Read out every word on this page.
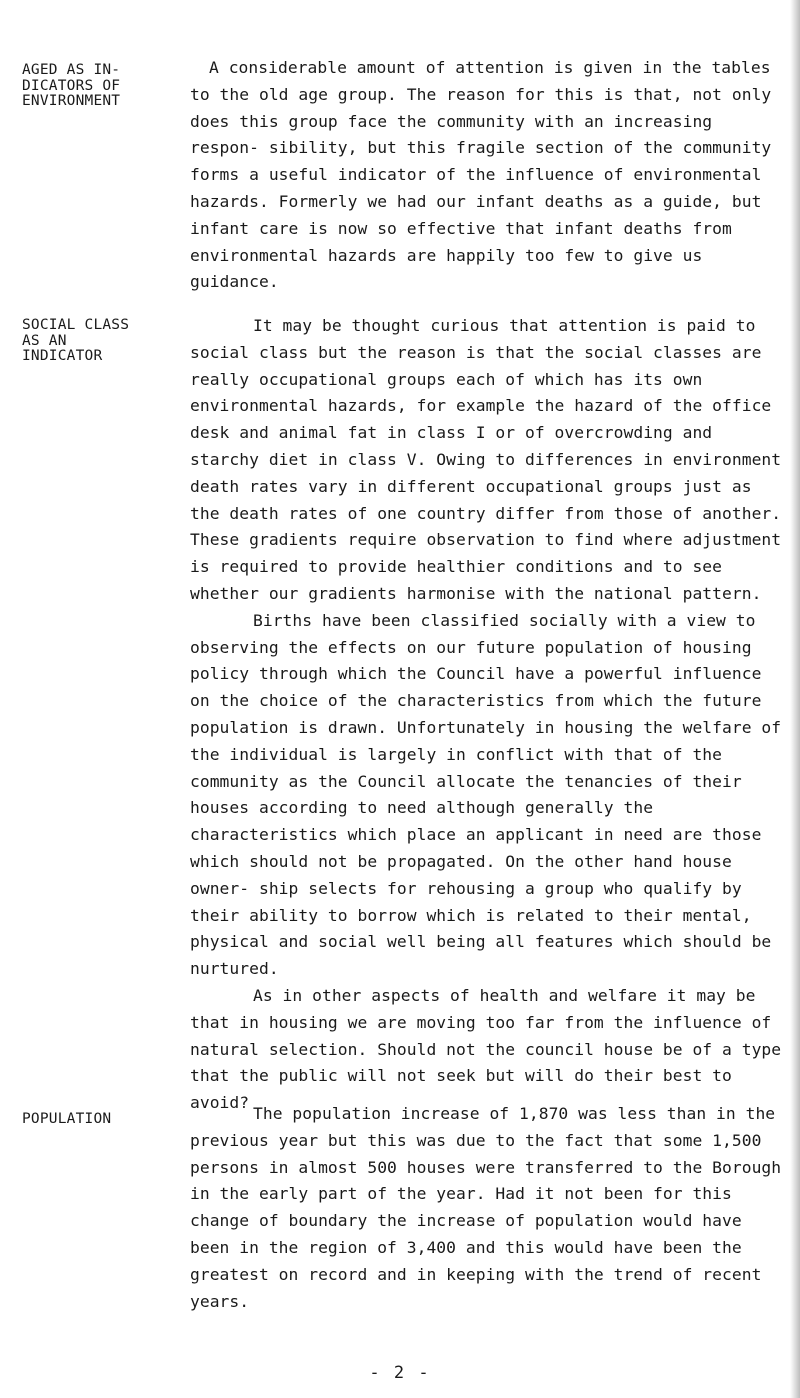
AGED AS IN-
DICATORS OF
ENVIRONMENT

A considerable amount of attention is given in the tables to the old age group. The reason for this is that, not only does this group face the community with an increasing respon- sibility, but this fragile section of the community forms a useful indicator of the influence of environmental hazards. Formerly we had our infant deaths as a guide, but infant care is now so effective that infant deaths from environmental hazards are happily too few to give us guidance.

SOCIAL CLASS
AS AN
INDICATOR

It may be thought curious that attention is paid to social class but the reason is that the social classes are really occupational groups each of which has its own environmental hazards, for example the hazard of the office desk and animal fat in class I or of overcrowding and starchy diet in class V. Owing to differences in environment death rates vary in different occupational groups just as the death rates of one country differ from those of another. These gradients require observation to find where adjustment is required to provide healthier conditions and to see whether our gradients harmonise with the national pattern.

Births have been classified socially with a view to observing the effects on our future population of housing policy through which the Council have a powerful influence on the choice of the characteristics from which the future population is drawn. Unfortunately in housing the welfare of the individual is largely in conflict with that of the community as the Council allocate the tenancies of their houses according to need although generally the characteristics which place an applicant in need are those which should not be propagated. On the other hand house owner- ship selects for rehousing a group who qualify by their ability to borrow which is related to their mental, physical and social well being all features which should be nurtured.

As in other aspects of health and welfare it may be that in housing we are moving too far from the influence of natural selection. Should not the council house be of a type that the public will not seek but will do their best to avoid?

POPULATION	The population increase of 1,870 was less than in the previous year but this was due to the fact that some 1,500 persons in almost 500 houses were transferred to the Borough in the early part of the year. Had it not been for this change of boundary the increase of population would have been in the region of 3,400 and this would have been the greatest on record and in keeping with the trend of recent years.

- 2 -
